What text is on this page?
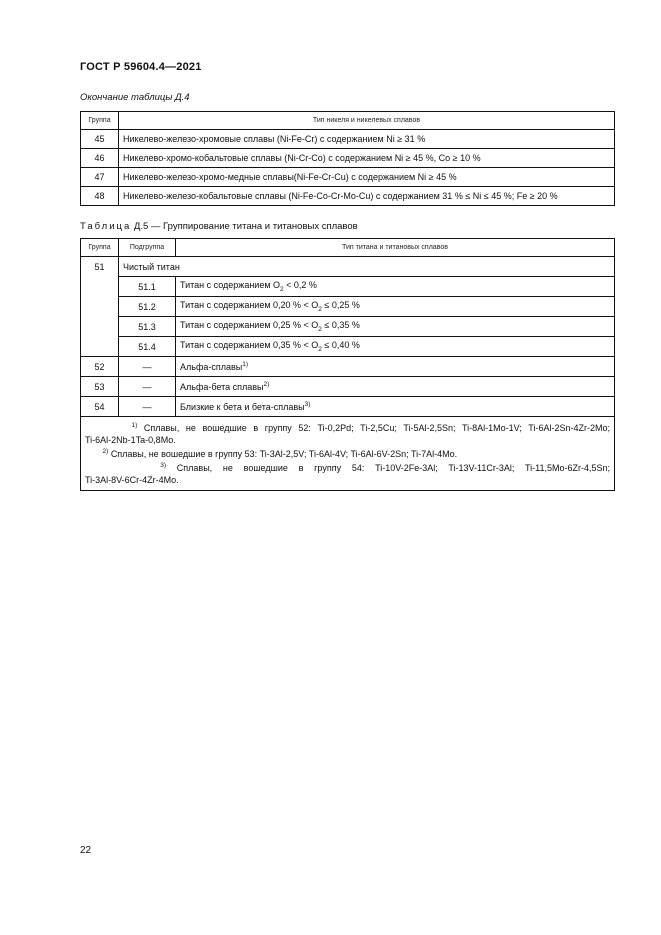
ГОСТ Р 59604.4—2021
Окончание таблицы Д.4
Группа	Тип никеля и никелевых сплавов
45	Никелево-железо-хромовые сплавы (Ni-Fe-Cr) с содержанием Ni ≥ 31 %
46	Никелево-хромо-кобальтовые сплавы (Ni-Cr-Co) с содержанием Ni ≥ 45 %, Co ≥ 10 %
47	Никелево-железо-хромо-медные сплавы(Ni-Fe-Cr-Cu) с содержанием Ni ≥ 45 %
48	Никелево-железо-кобальтовые сплавы (Ni-Fe-Co-Cr-Mo-Cu) с содержанием 31 % ≤ Ni ≤ 45 %; Fe ≥ 20 %
Таблица Д.5 — Группирование титана и титановых сплавов
Группа	Подгруппа	Тип титана и титановых сплавов
51	Чистый титан	
	51.1	Титан с содержанием $O_2 < 0,2$ %
	51.2	Титан с содержанием 0,20 % < $O_2 \le 0,25$ %
	51.3	Титан с содержанием 0,25 % < $O_2 \le 0,35$ %
	51.4	Титан с содержанием 0,35 % < $O_2 \le 0,40$ %
52	—	Альфа-сплавы$^{1)}$
53	—	Альфа-бета сплавы$^{2)}$
54	—	Близкие к бета и бета-сплавы$^{3)}$

$^{1)}$ Сплавы, не вошедшие в группу 52: Ti-0,2Pd; Ti-2,5Cu; Ti-5Al-2,5Sn; Ti-8Al-1Mo-1V; Ti-6Al-2Sn-4Zr-2Mo;
Ti-6Al-2Nb-1Ta-0,8Mo.
$^{2)}$ Сплавы, не вошедшие в группу 53: Ti-3Al-2,5V; Ti-6Al-4V; Ti-6Al-6V-2Sn; Ti-7Al-4Mo.
$^{3)}$ Сплавы, не вошедшие в группу 54: Ti-10V-2Fe-3Al; Ti-13V-11Cr-3Al; Ti-11,5Mo-6Zr-4,5Sn;
Ti-3Al-8V-6Cr-4Zr-4Mo.		
22
